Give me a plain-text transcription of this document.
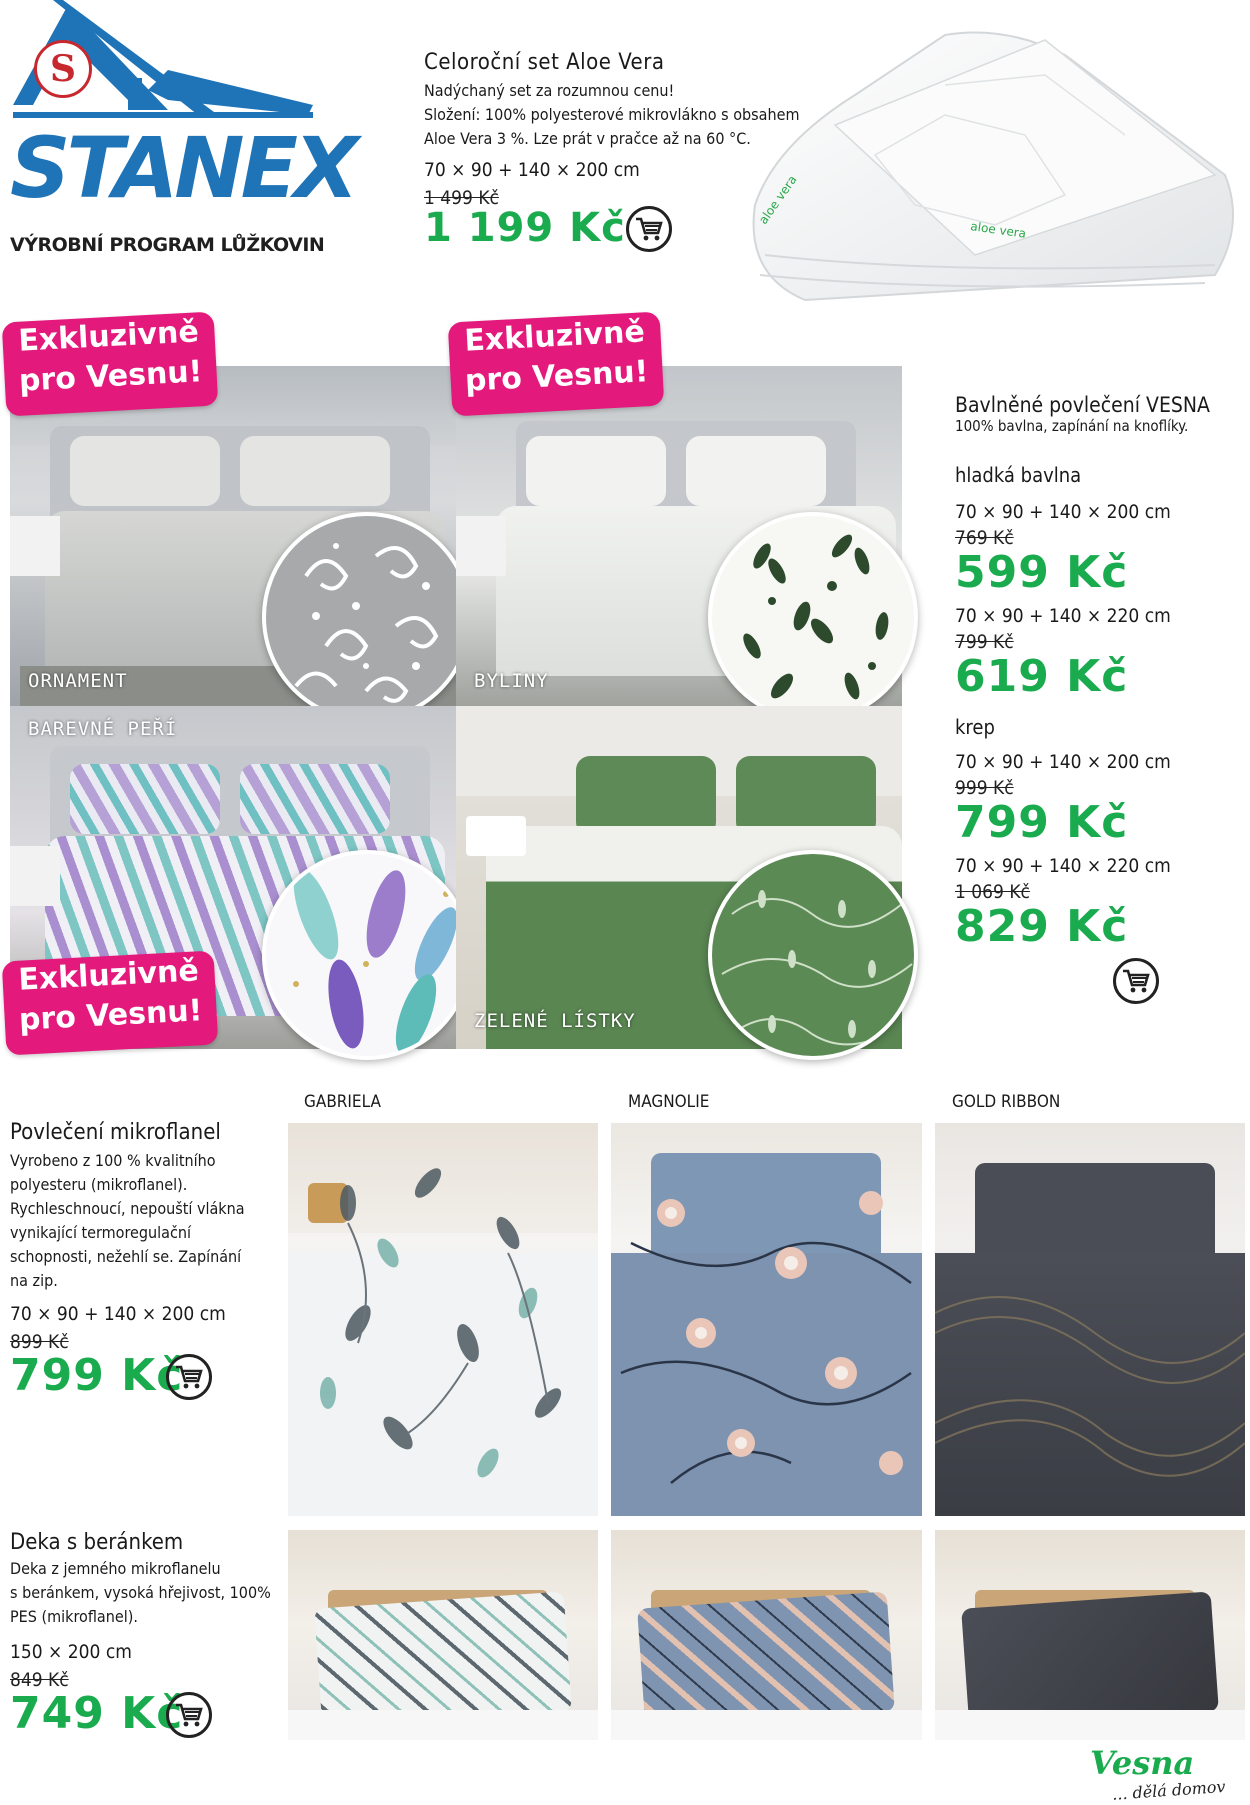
S
STANEX
VÝROBNÍ PROGRAM LŮŽKOVIN
Celoroční set Aloe Vera
Nadýchaný set za rozumnou cenu!
Složení: 100% polyesterové mikrovlákno s obsahem
Aloe Vera 3 %. Lze prát v pračce až na 60 °C.
70 × 90 + 140 × 200 cm
1 499 Kč
1 199 Kč	aloe vera
aloe vera
ORNAMENT	BYLINY
BAREVNÉ PEŘÍ
ZELENÉ LÍSTKY
Exkluzivně
pro Vesnu!
Exkluzivně
pro Vesnu!
Exkluzivně
pro Vesnu!
Bavlněné povlečení VESNA
100% bavlna, zapínání na knoflíky.
hladká bavlna
70 × 90 + 140 × 200 cm
769 Kč
599 Kč
70 × 90 + 140 × 220 cm
799 Kč
619 Kč
krep
70 × 90 + 140 × 200 cm
999 Kč
799 Kč
70 × 90 + 140 × 220 cm
1 069 Kč
829 Kč
Povlečení mikroflanel
Vyrobeno z 100 % kvalitního
polyesteru (mikroflanel).
Rychleschnoucí, nepouští vlákna
vynikající termoregulační
schopnosti, nežehlí se. Zapínání
na zip.
70 × 90 + 140 × 200 cm
899 Kč
799 Kč
GABRIELA	MAGNOLIE	GOLD RIBBON
Deka s beránkem
Deka z jemného mikroflanelu
s beránkem, vysoká hřejivost, 100%
PES (mikroflanel).
150 × 200 cm
849 Kč
749 Kč
Vesna
... dělá domov
